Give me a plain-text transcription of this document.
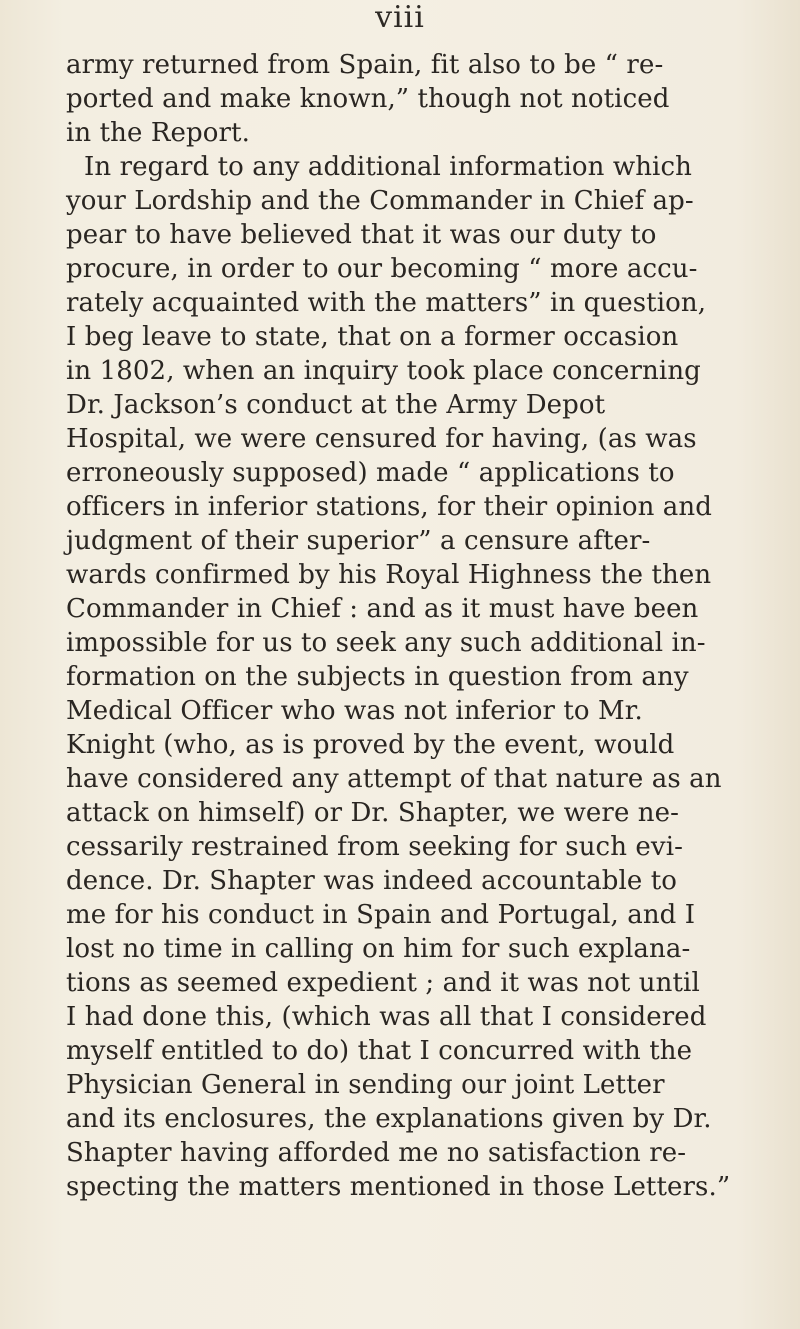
viii
army returned from Spain, fit also to be “ re-
ported and make known,” though not noticed
in the Report.
In regard to any additional information which
your Lordship and the Commander in Chief ap-
pear to have believed that it was our duty to
procure, in order to our becoming “ more accu-
rately acquainted with the matters” in question,
I beg leave to state, that on a former occasion
in 1802, when an inquiry took place concerning
Dr. Jackson’s conduct at the Army Depot
Hospital, we were censured for having, (as was
erroneously supposed) made “ applications to
officers in inferior stations, for their opinion and
judgment of their superior” a censure after-
wards confirmed by his Royal Highness the then
Commander in Chief : and as it must have been
impossible for us to seek any such additional in-
formation on the subjects in question from any
Medical Officer who was not inferior to Mr.
Knight (who, as is proved by the event, would
have considered any attempt of that nature as an
attack on himself) or Dr. Shapter, we were ne-
cessarily restrained from seeking for such evi-
dence. Dr. Shapter was indeed accountable to
me for his conduct in Spain and Portugal, and I
lost no time in calling on him for such explana-
tions as seemed expedient ; and it was not until
I had done this, (which was all that I considered
myself entitled to do) that I concurred with the
Physician General in sending our joint Letter
and its enclosures, the explanations given by Dr.
Shapter having afforded me no satisfaction re-
specting the matters mentioned in those Letters.”
